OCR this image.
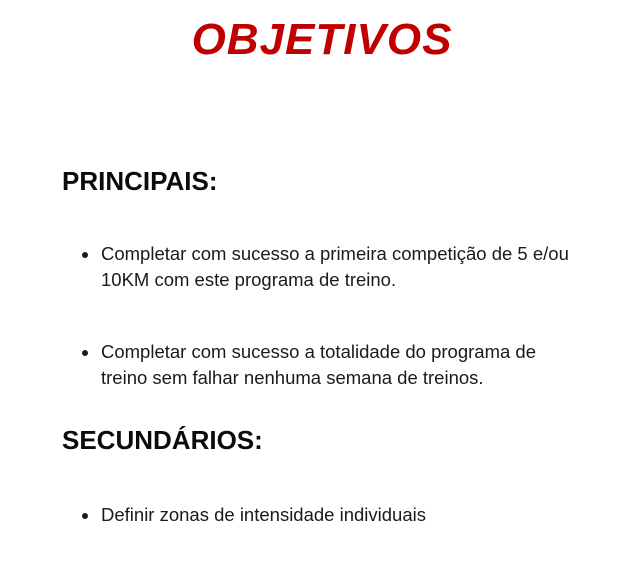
OBJETIVOS
PRINCIPAIS:
Completar com sucesso a primeira competição de 5 e/ou 10KM com este programa de treino.
Completar com sucesso a totalidade do programa de treino sem falhar nenhuma semana de treinos.
SECUNDÁRIOS:
Definir zonas de intensidade individuais
